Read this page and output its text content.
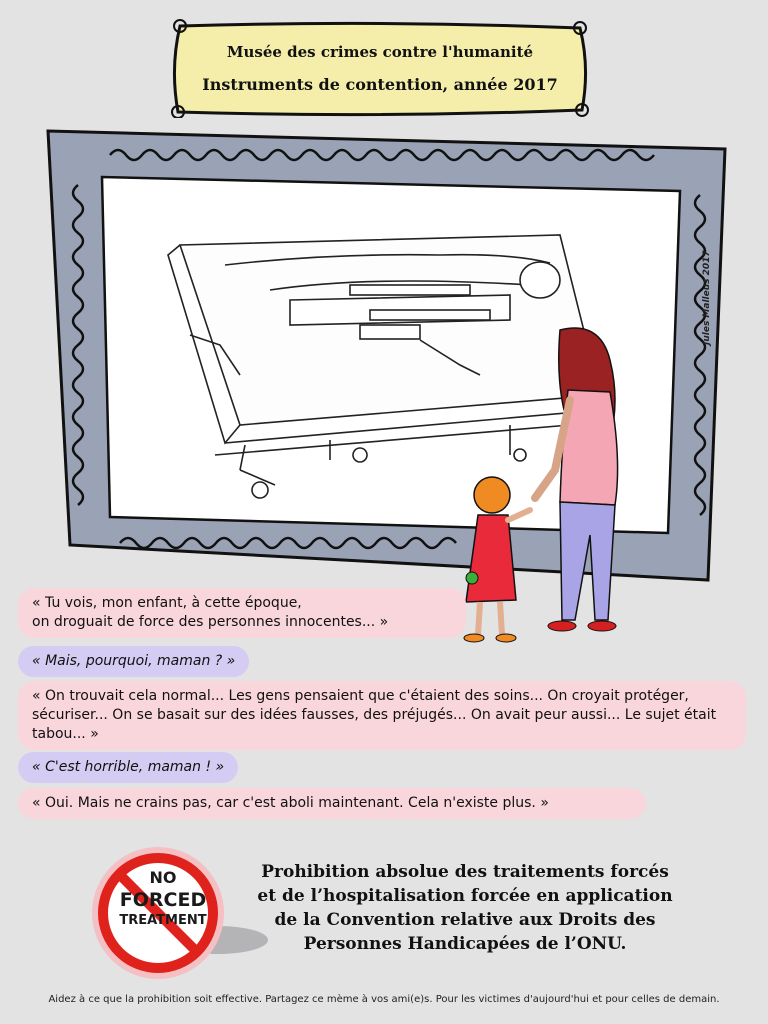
Musée des crimes contre l'humanité
Instruments de contention, année 2017
Jules Malleus 2017
« Tu vois, mon enfant, à cette époque,
on droguait de force des personnes innocentes... »
« Mais, pourquoi, maman ? »
« On trouvait cela normal... Les gens pensaient que c'étaient des soins... On croyait protéger, sécuriser... On se basait sur des idées fausses, des préjugés... On avait peur aussi... Le sujet était tabou... »
« C'est horrible, maman ! »
« Oui. Mais ne crains pas, car c'est aboli maintenant. Cela n'existe plus. »
NO
FORCED
TREATMENT
Prohibition absolue des traitements forcés
et de l’hospitalisation forcée en application
de la Convention relative aux Droits des
Personnes Handicapées de l’ONU.
Aidez à ce que la prohibition soit effective. Partagez ce mème à vos ami(e)s. Pour les victimes d'aujourd'hui et pour celles de demain.
